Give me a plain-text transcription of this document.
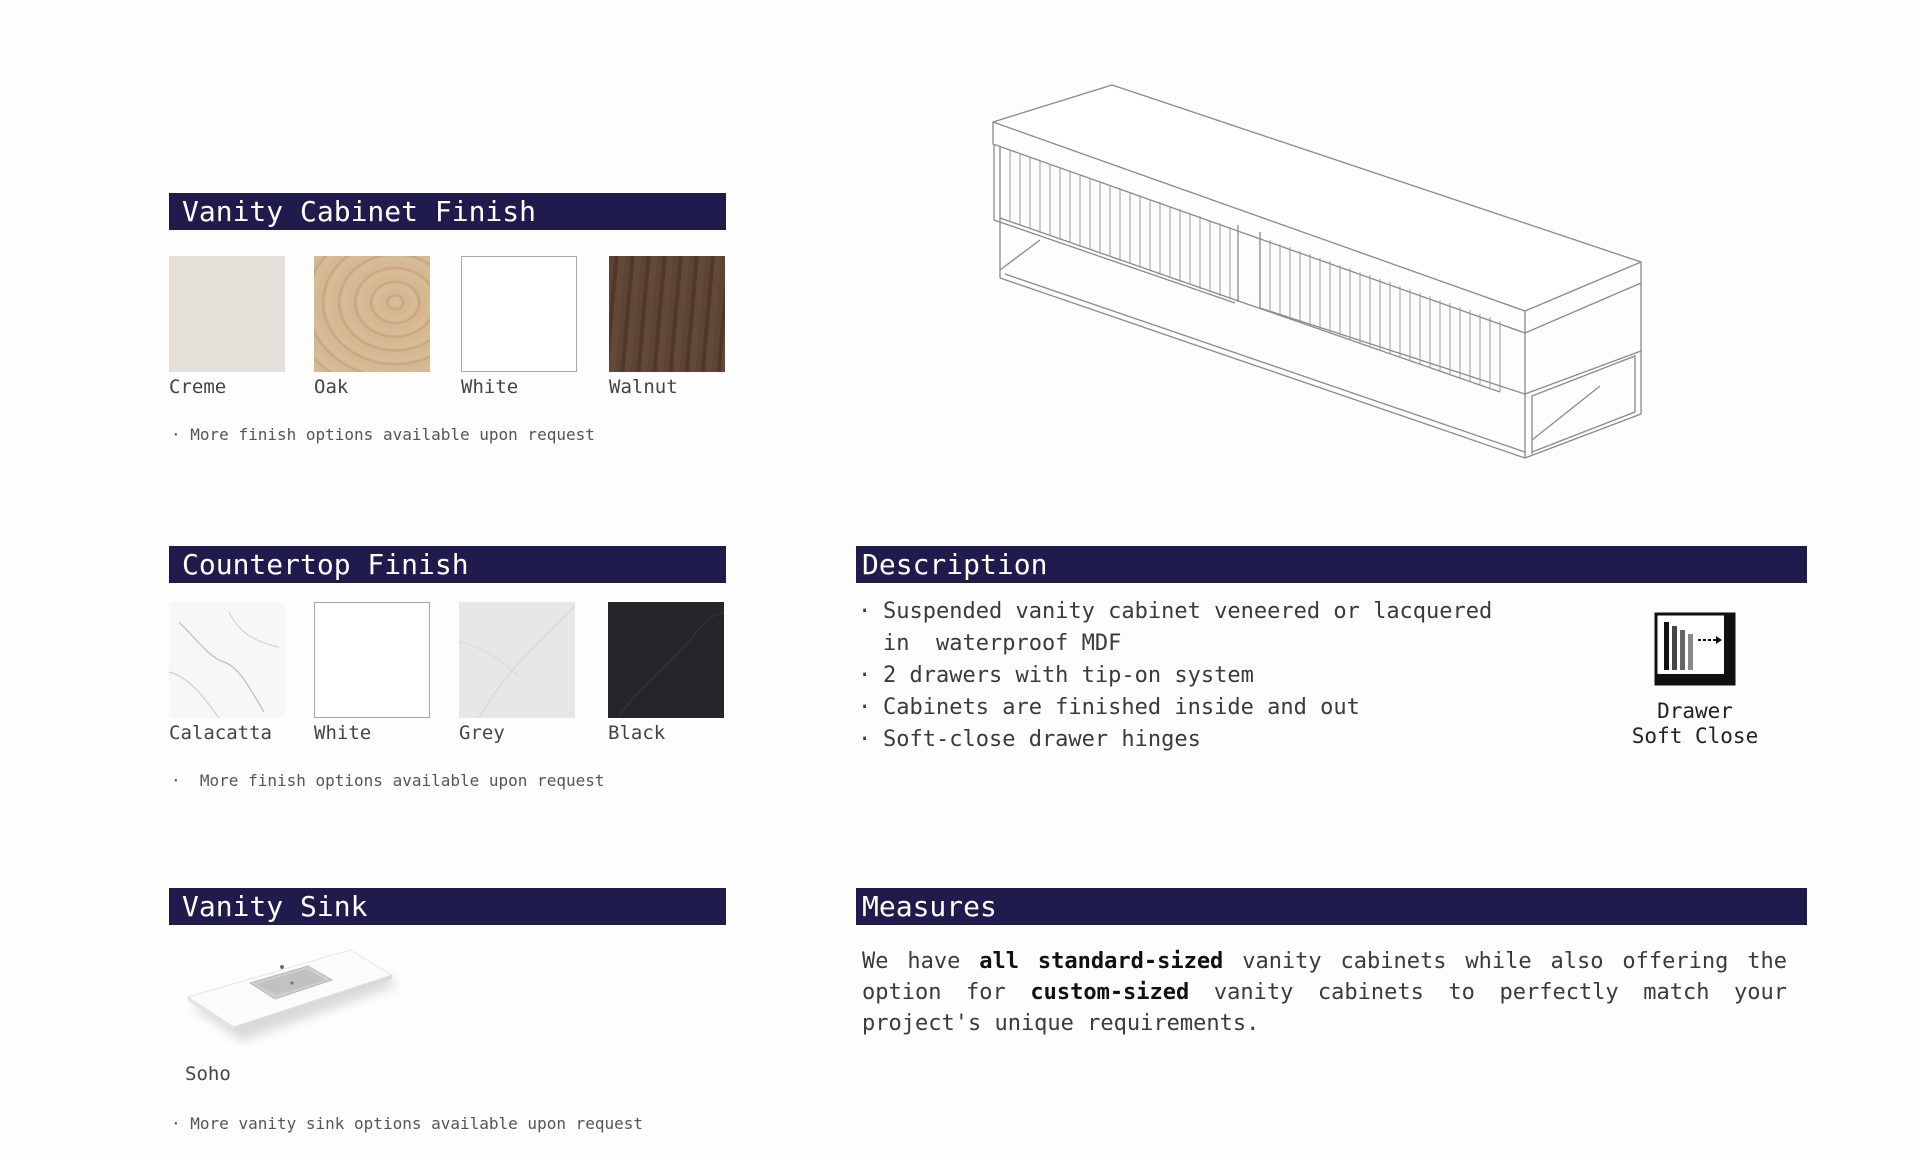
Vanity Cabinet Finish
Creme	Oak	White	Walnut
· More finish options available upon request
Countertop Finish
Calacatta White	Grey	Black
· More finish options available upon request
Vanity Sink
Soho
· More vanity sink options available upon request
Description
· Suspended vanity cabinet veneered or lacquered
in  waterproof MDF
· 2 drawers with tip-on system
· Cabinets are finished inside and out
· Soft-close drawer hinges
Drawer
Soft Close
Measures

We have all standard-sized vanity cabinets while also offering the option for custom-sized vanity cabinets to perfectly match your project's unique requirements.
